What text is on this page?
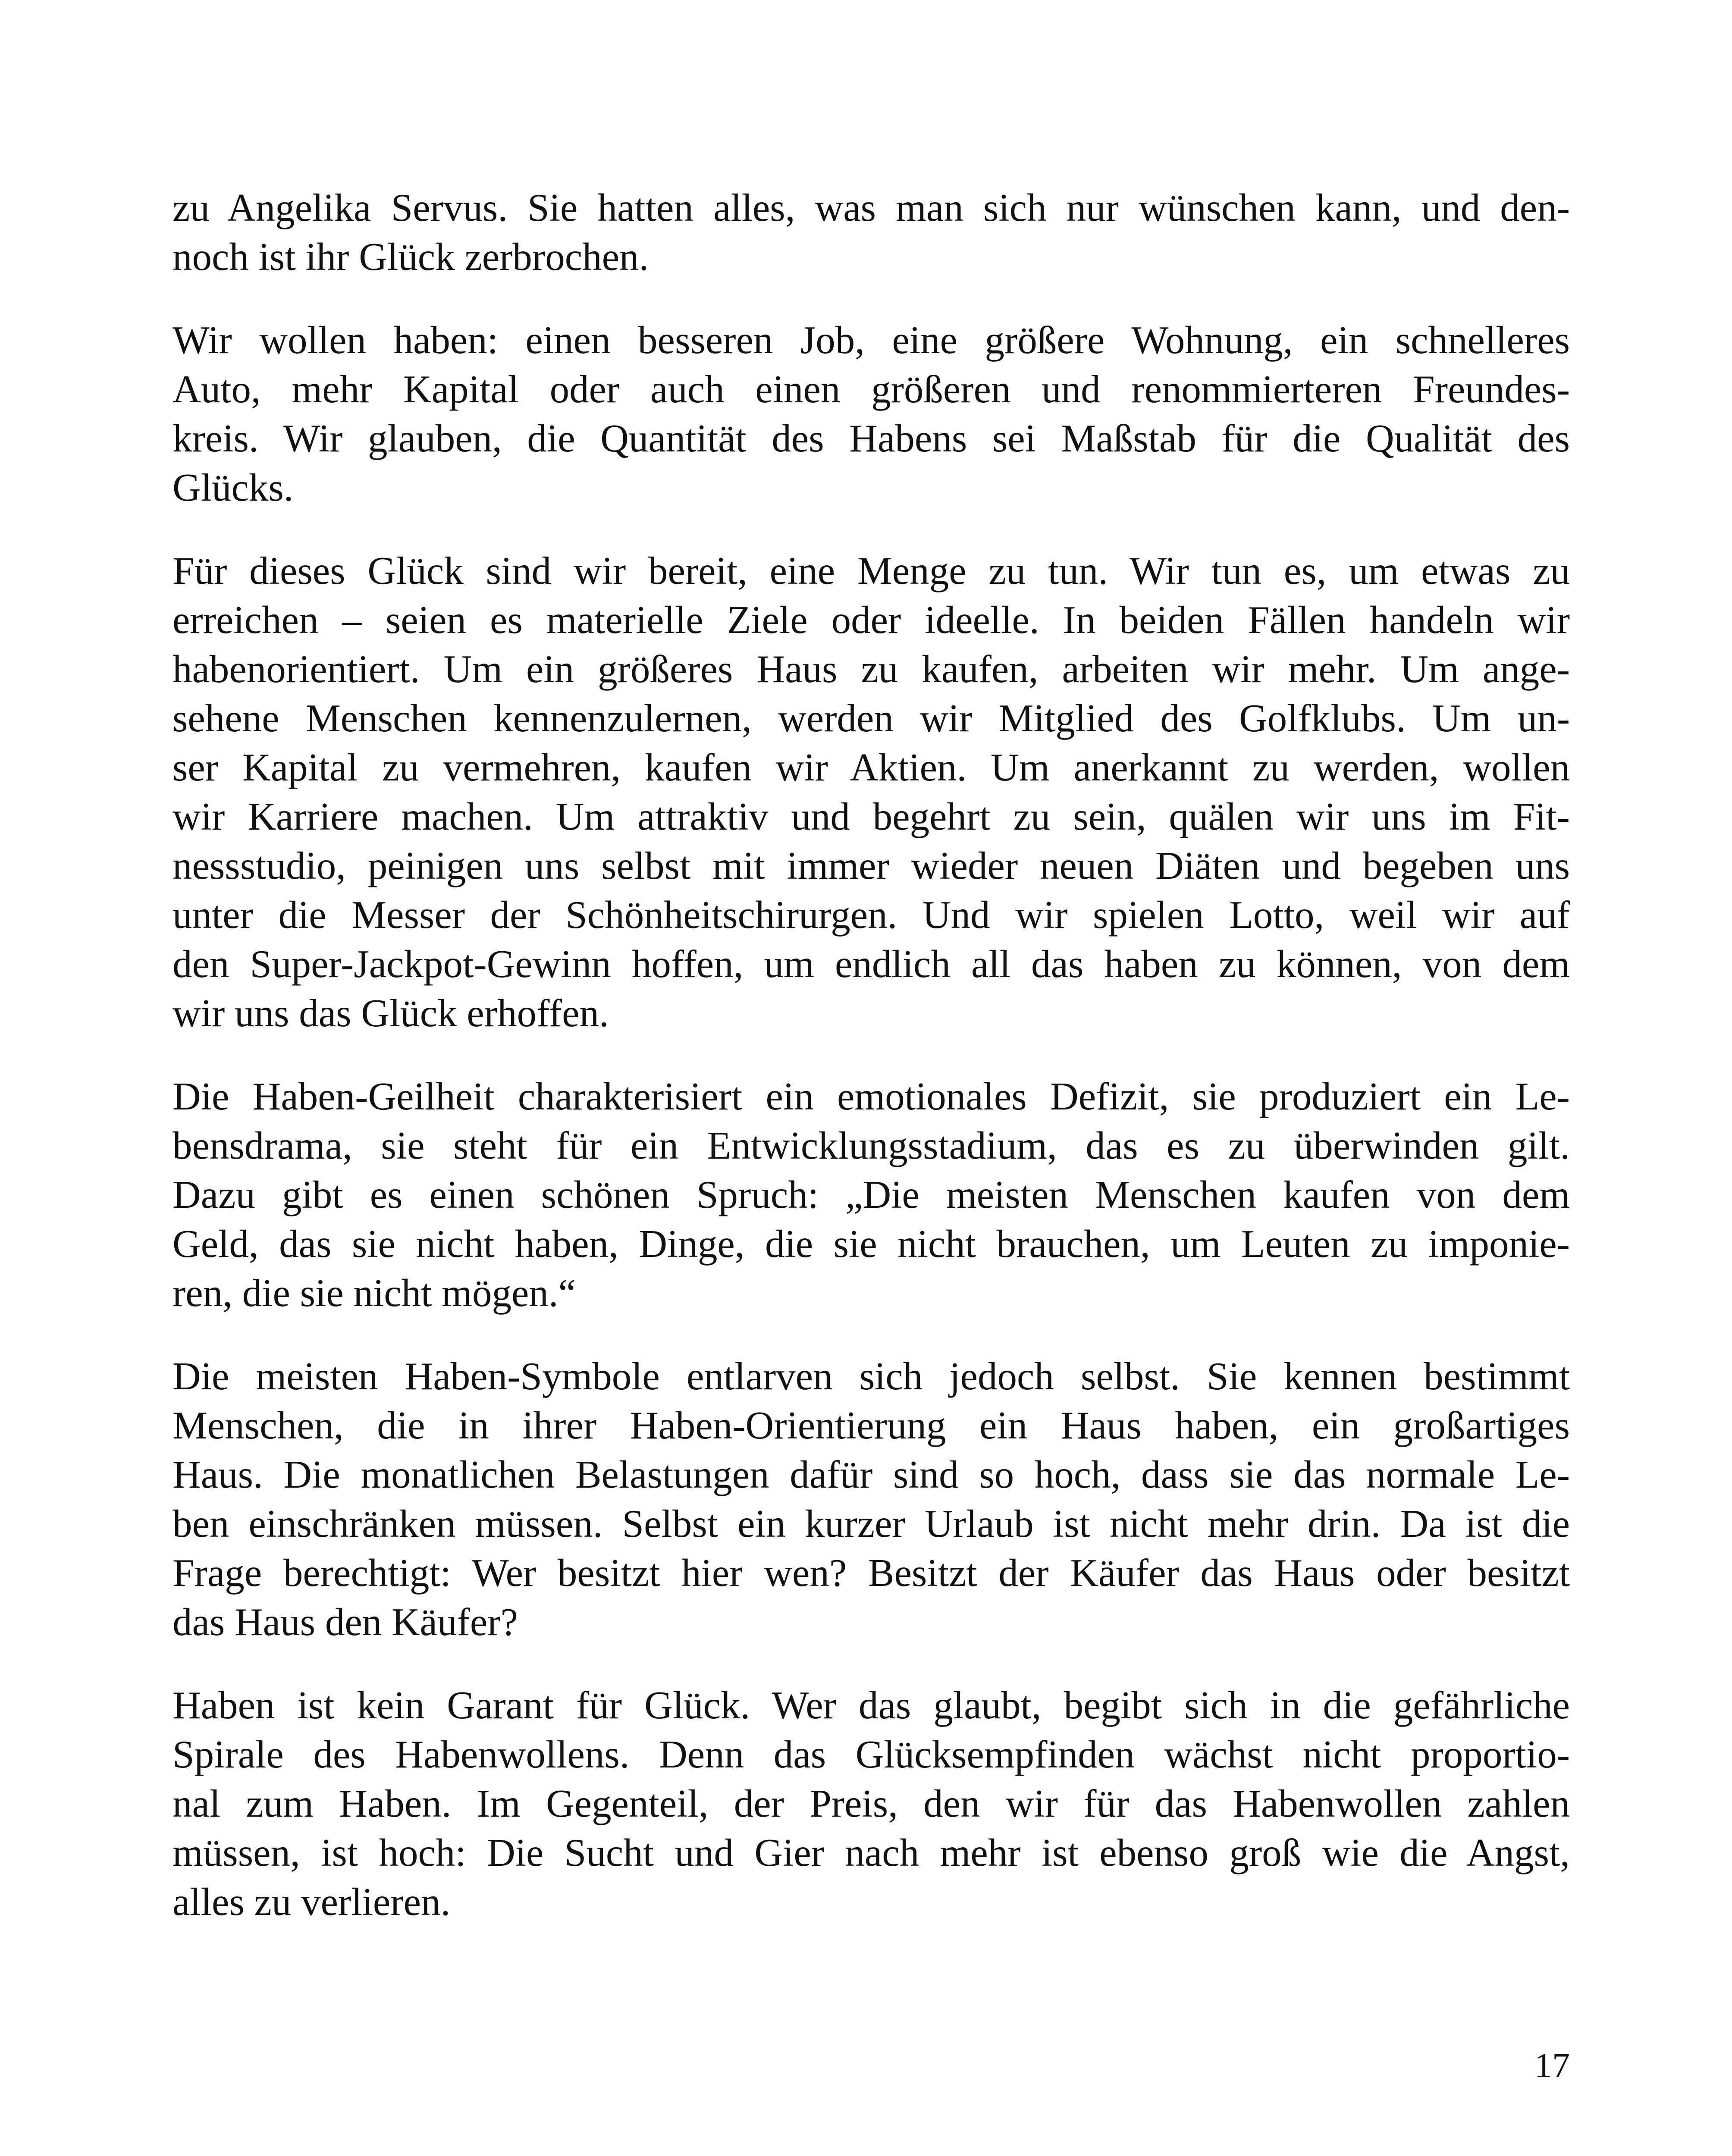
zu Angelika Servus. Sie hatten alles, was man sich nur wünschen kann, und den-
noch ist ihr Glück zerbrochen.

Wir wollen haben: einen besseren Job, eine größere Wohnung, ein schnelleres
Auto, mehr Kapital oder auch einen größeren und renommierteren Freundes-
kreis. Wir glauben, die Quantität des Habens sei Maßstab für die Qualität des
Glücks.

Für dieses Glück sind wir bereit, eine Menge zu tun. Wir tun es, um etwas zu
erreichen – seien es materielle Ziele oder ideelle. In beiden Fällen handeln wir
habenorientiert. Um ein größeres Haus zu kaufen, arbeiten wir mehr. Um ange-
sehene Menschen kennenzulernen, werden wir Mitglied des Golfklubs. Um un-
ser Kapital zu vermehren, kaufen wir Aktien. Um anerkannt zu werden, wollen
wir Karriere machen. Um attraktiv und begehrt zu sein, quälen wir uns im Fit-
nessstudio, peinigen uns selbst mit immer wieder neuen Diäten und begeben uns
unter die Messer der Schönheitschirurgen. Und wir spielen Lotto, weil wir auf
den Super-Jackpot-Gewinn hoffen, um endlich all das haben zu können, von dem
wir uns das Glück erhoffen.

Die Haben-Geilheit charakterisiert ein emotionales Defizit, sie produziert ein Le-
bensdrama, sie steht für ein Entwicklungsstadium, das es zu überwinden gilt.
Dazu gibt es einen schönen Spruch: „Die meisten Menschen kaufen von dem
Geld, das sie nicht haben, Dinge, die sie nicht brauchen, um Leuten zu imponie-
ren, die sie nicht mögen.“

Die meisten Haben-Symbole entlarven sich jedoch selbst. Sie kennen bestimmt
Menschen, die in ihrer Haben-Orientierung ein Haus haben, ein großartiges
Haus. Die monatlichen Belastungen dafür sind so hoch, dass sie das normale Le-
ben einschränken müssen. Selbst ein kurzer Urlaub ist nicht mehr drin. Da ist die
Frage berechtigt: Wer besitzt hier wen? Besitzt der Käufer das Haus oder besitzt
das Haus den Käufer?

Haben ist kein Garant für Glück. Wer das glaubt, begibt sich in die gefährliche
Spirale des Habenwollens. Denn das Glücksempfinden wächst nicht proportio-
nal zum Haben. Im Gegenteil, der Preis, den wir für das Habenwollen zahlen
müssen, ist hoch: Die Sucht und Gier nach mehr ist ebenso groß wie die Angst,
alles zu verlieren.

17
